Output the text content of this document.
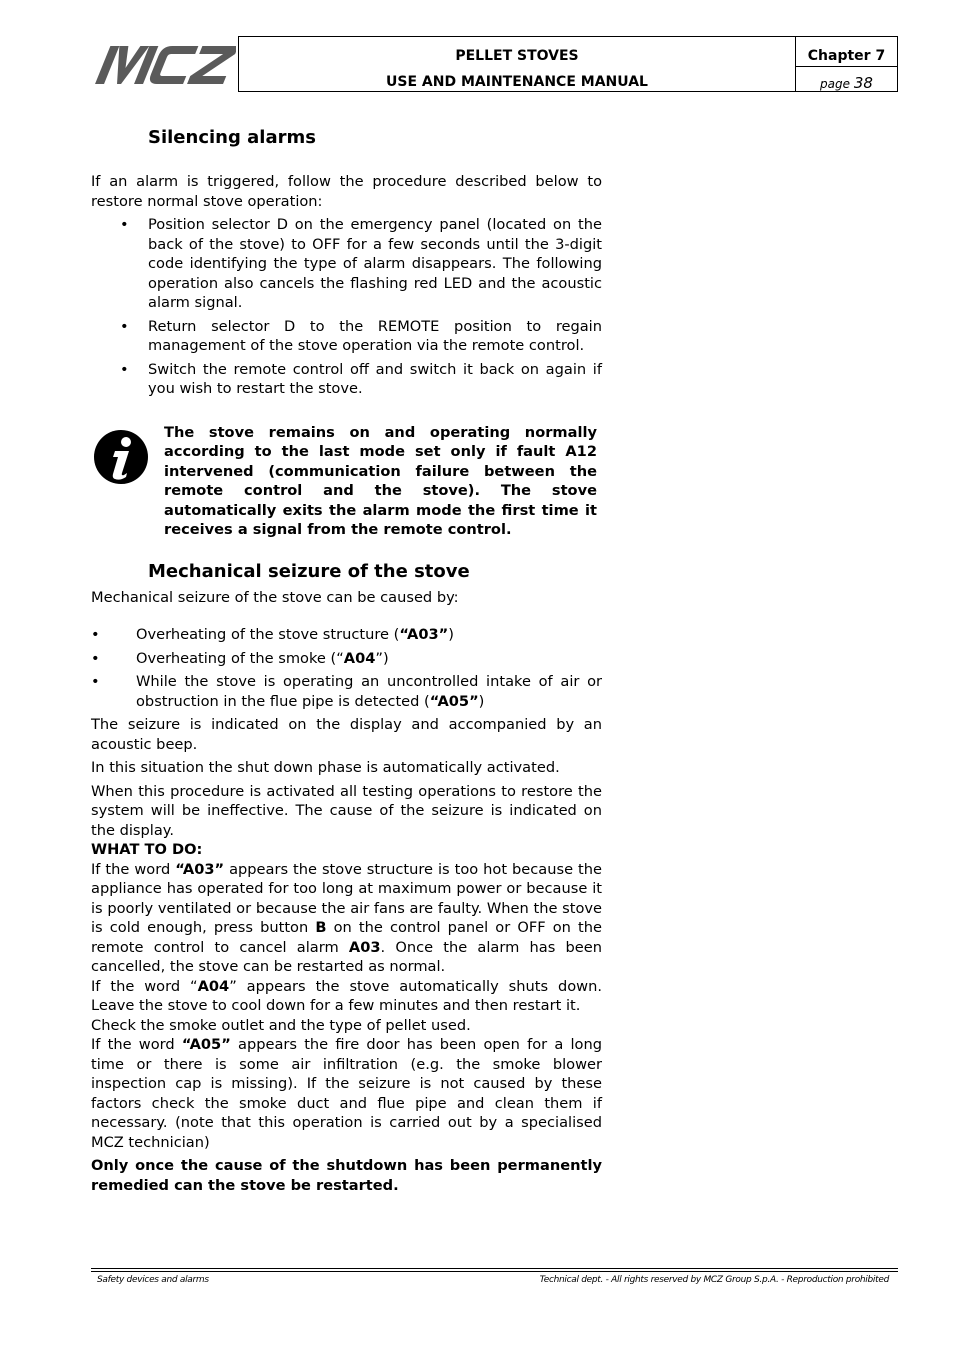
PELLET STOVES
USE AND MAINTENANCE MANUAL
Chapter 7
page 38
Silencing alarms

If an alarm is triggered, follow the procedure described below to restore normal stove operation:

• Position selector D on the emergency panel (located on the back of the stove) to OFF for a few seconds until the 3-digit code identifying the type of alarm disappears. The following operation also cancels the flashing red LED and the acoustic alarm signal.
• Return selector D to the REMOTE position to regain management of the stove operation via the remote control.
• Switch the remote control off and switch it back on again if you wish to restart the stove.

The stove remains on and operating normally according to the last mode set only if fault A12 intervened (communication failure between the remote control and the stove). The stove automatically exits the alarm mode the first time it receives a signal from the remote control.

Mechanical seizure of the stove

Mechanical seizure of the stove can be caused by:

• Overheating of the stove structure (“A03”)
• Overheating of the smoke (“A04”)
• While the stove is operating an uncontrolled intake of air or obstruction in the flue pipe is detected (“A05”)

The seizure is indicated on the display and accompanied by an acoustic beep.

In this situation the shut down phase is automatically activated.

When this procedure is activated all testing operations to restore the system will be ineffective. The cause of the seizure is indicated on the display.

WHAT TO DO:

If the word “A03” appears the stove structure is too hot because the appliance has operated for too long at maximum power or because it is poorly ventilated or because the air fans are faulty. When the stove is cold enough, press button B on the control panel or OFF on the remote control to cancel alarm A03. Once the alarm has been cancelled, the stove can be restarted as normal.

If the word “A04” appears the stove automatically shuts down. Leave the stove to cool down for a few minutes and then restart it.

Check the smoke outlet and the type of pellet used.

If the word “A05” appears the fire door has been open for a long time or there is some air infiltration (e.g. the smoke blower inspection cap is missing). If the seizure is not caused by these factors check the smoke duct and flue pipe and clean them if necessary. (note that this operation is carried out by a specialised MCZ technician)

Only once the cause of the shutdown has been permanently remedied can the stove be restarted.

Safety devices and alarms	Technical dept. - All rights reserved by MCZ Group S.p.A. - Reproduction prohibited
